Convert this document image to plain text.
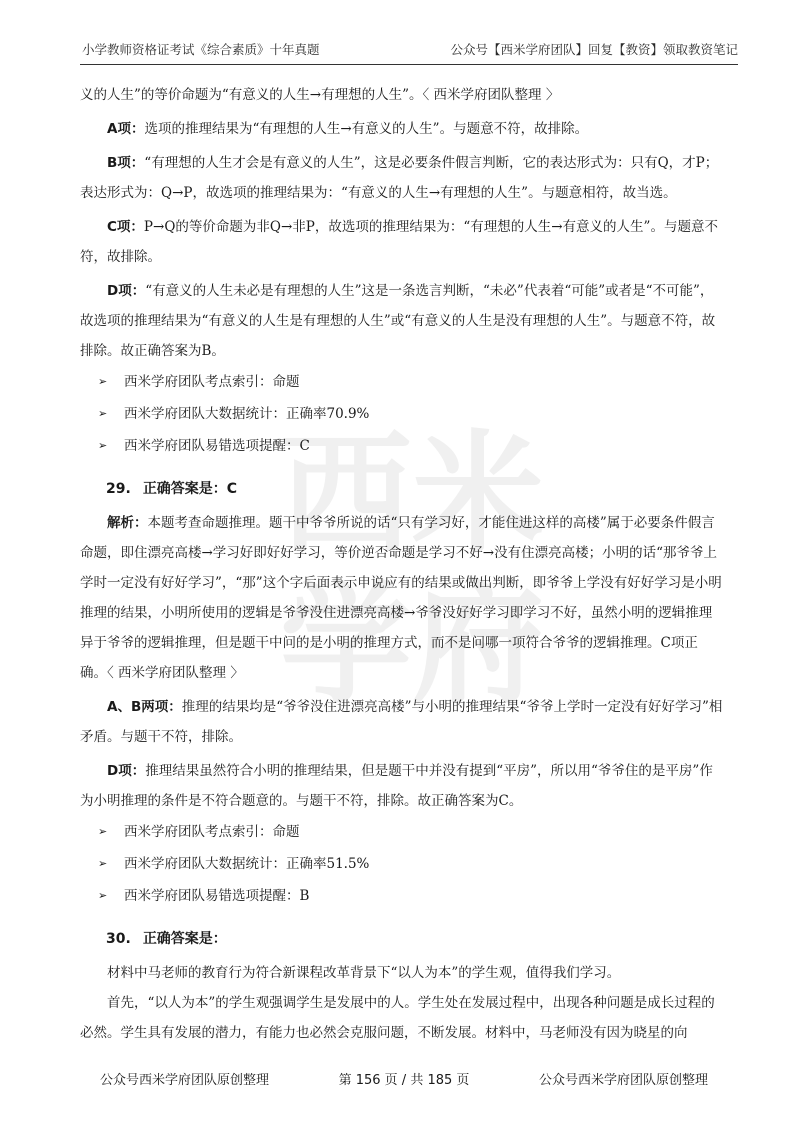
小学教师资格证考试《综合素质》十年真题	公众号【西米学府团队】回复【教资】领取教资笔记
西 米
学 府

义的人生”的等价命题为“有意义的人生→有理想的人生”。〈 西米学府团队整理 〉

A项：选项的推理结果为“有理想的人生→有意义的人生”。与题意不符，故排除。

B项：“有理想的人生才会是有意义的人生”，这是必要条件假言判断，它的表达形式为：只有Q，才P；表达形式为：Q→P，故选项的推理结果为：“有意义的人生→有理想的人生”。与题意相符，故当选。

C项：P→Q的等价命题为非Q→非P，故选项的推理结果为：“有理想的人生→有意义的人生”。与题意不符，故排除。

D项：“有意义的人生未必是有理想的人生”这是一条选言判断，“未必”代表着“可能”或者是“不可能”，故选项的推理结果为“有意义的人生是有理想的人生”或“有意义的人生是没有理想的人生”。与题意不符，故排除。故正确答案为B。

➢	西米学府团队考点索引：命题
➢	西米学府团队大数据统计：正确率70.9%
➢	西米学府团队易错选项提醒：C
29. 正确答案是：C

解析：本题考查命题推理。题干中爷爷所说的话“只有学习好，才能住进这样的高楼”属于必要条件假言命题，即住漂亮高楼→学习好即好好学习，等价逆否命题是学习不好→没有住漂亮高楼；小明的话“那爷爷上学时一定没有好好学习”，“那”这个字后面表示申说应有的结果或做出判断，即爷爷上学没有好好学习是小明推理的结果，小明所使用的逻辑是爷爷没住进漂亮高楼→爷爷没好好学习即学习不好，虽然小明的逻辑推理异于爷爷的逻辑推理，但是题干中问的是小明的推理方式，而不是问哪一项符合爷爷的逻辑推理。C项正确。〈 西米学府团队整理 〉

A、B两项：推理的结果均是“爷爷没住进漂亮高楼”与小明的推理结果“爷爷上学时一定没有好好学习”相矛盾。与题干不符，排除。

D项：推理结果虽然符合小明的推理结果，但是题干中并没有提到“平房”，所以用“爷爷住的是平房”作为小明推理的条件是不符合题意的。与题干不符，排除。故正确答案为C。

➢	西米学府团队考点索引：命题
➢	西米学府团队大数据统计：正确率51.5%
➢	西米学府团队易错选项提醒：B
30. 正确答案是：

材料中马老师的教育行为符合新课程改革背景下“以人为本”的学生观，值得我们学习。

首先，“以人为本”的学生观强调学生是发展中的人。学生处在发展过程中，出现各种问题是成长过程的必然。学生具有发展的潜力，有能力也必然会克服问题，不断发展。材料中，马老师没有因为晓星的向

公众号西米学府团队原创整理	第 156 页 / 共 185 页	公众号西米学府团队原创整理
